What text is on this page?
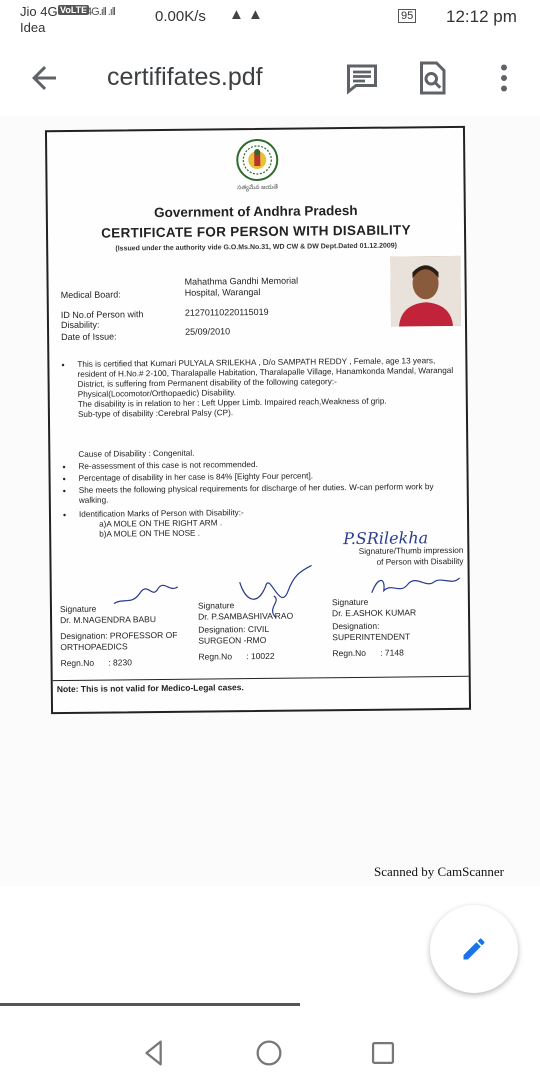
Jio 4G VoLTE
4G.ıll .ıll
Idea
0.00K/s ▲ ▲	95 12:12 pm
certififates.pdf
సత్యమేవ జయతే
Government of Andhra Pradesh
CERTIFICATE FOR PERSON WITH DISABILITY
(Issued under the authority vide G.O.Ms.No.31, WD CW & DW Dept.Dated 01.12.2009)
Medical Board:
Mahathma Gandhi Memorial
Hospital, Warangal
ID No.of Person with
Disability:
21270110220115019
Date of Issue:	25/09/2010
•	This is certified that Kumari PULYALA SRILEKHA , D/o SAMPATH REDDY , Female, age 13 years, resident of H.No.# 2-100, Tharalapalle Habitation, Tharalapalle Village, Hanamkonda Mandal, Warangal District, is suffering from Permanent disability of the following category:-
Physical(Locomotor/Orthopaedic) Disability.
The disability is in relation to her : Left Upper Limb. Impaired reach,Weakness of grip.
Sub-type of disability :Cerebral Palsy (CP).
Cause of Disability : Congenital.
•	Re-assessment of this case is not recommended.
•	Percentage of disability in her case is 84% [Eighty Four percent].
•	She meets the following physical requirements for discharge of her duties. W-can perform work by walking.
•	Identification Marks of Person with Disability:-
a)A MOLE ON THE RIGHT ARM .
b)A MOLE ON THE NOSE .	P.SRilekha
Signature/Thumb impression
of Person with Disability
Signature
Dr. M.NAGENDRA BABU
Designation: PROFESSOR OF
ORTHOPAEDICS
Regn.No : 8230
Signature
Dr. P.SAMBASHIVA RAO
Designation: CIVIL
SURGEON -RMO
Regn.No : 10022
Signature
Dr. E.ASHOK KUMAR
Designation:
SUPERINTENDENT
Regn.No : 7148
Note: This is not valid for Medico-Legal cases.
Scanned by CamScanner
